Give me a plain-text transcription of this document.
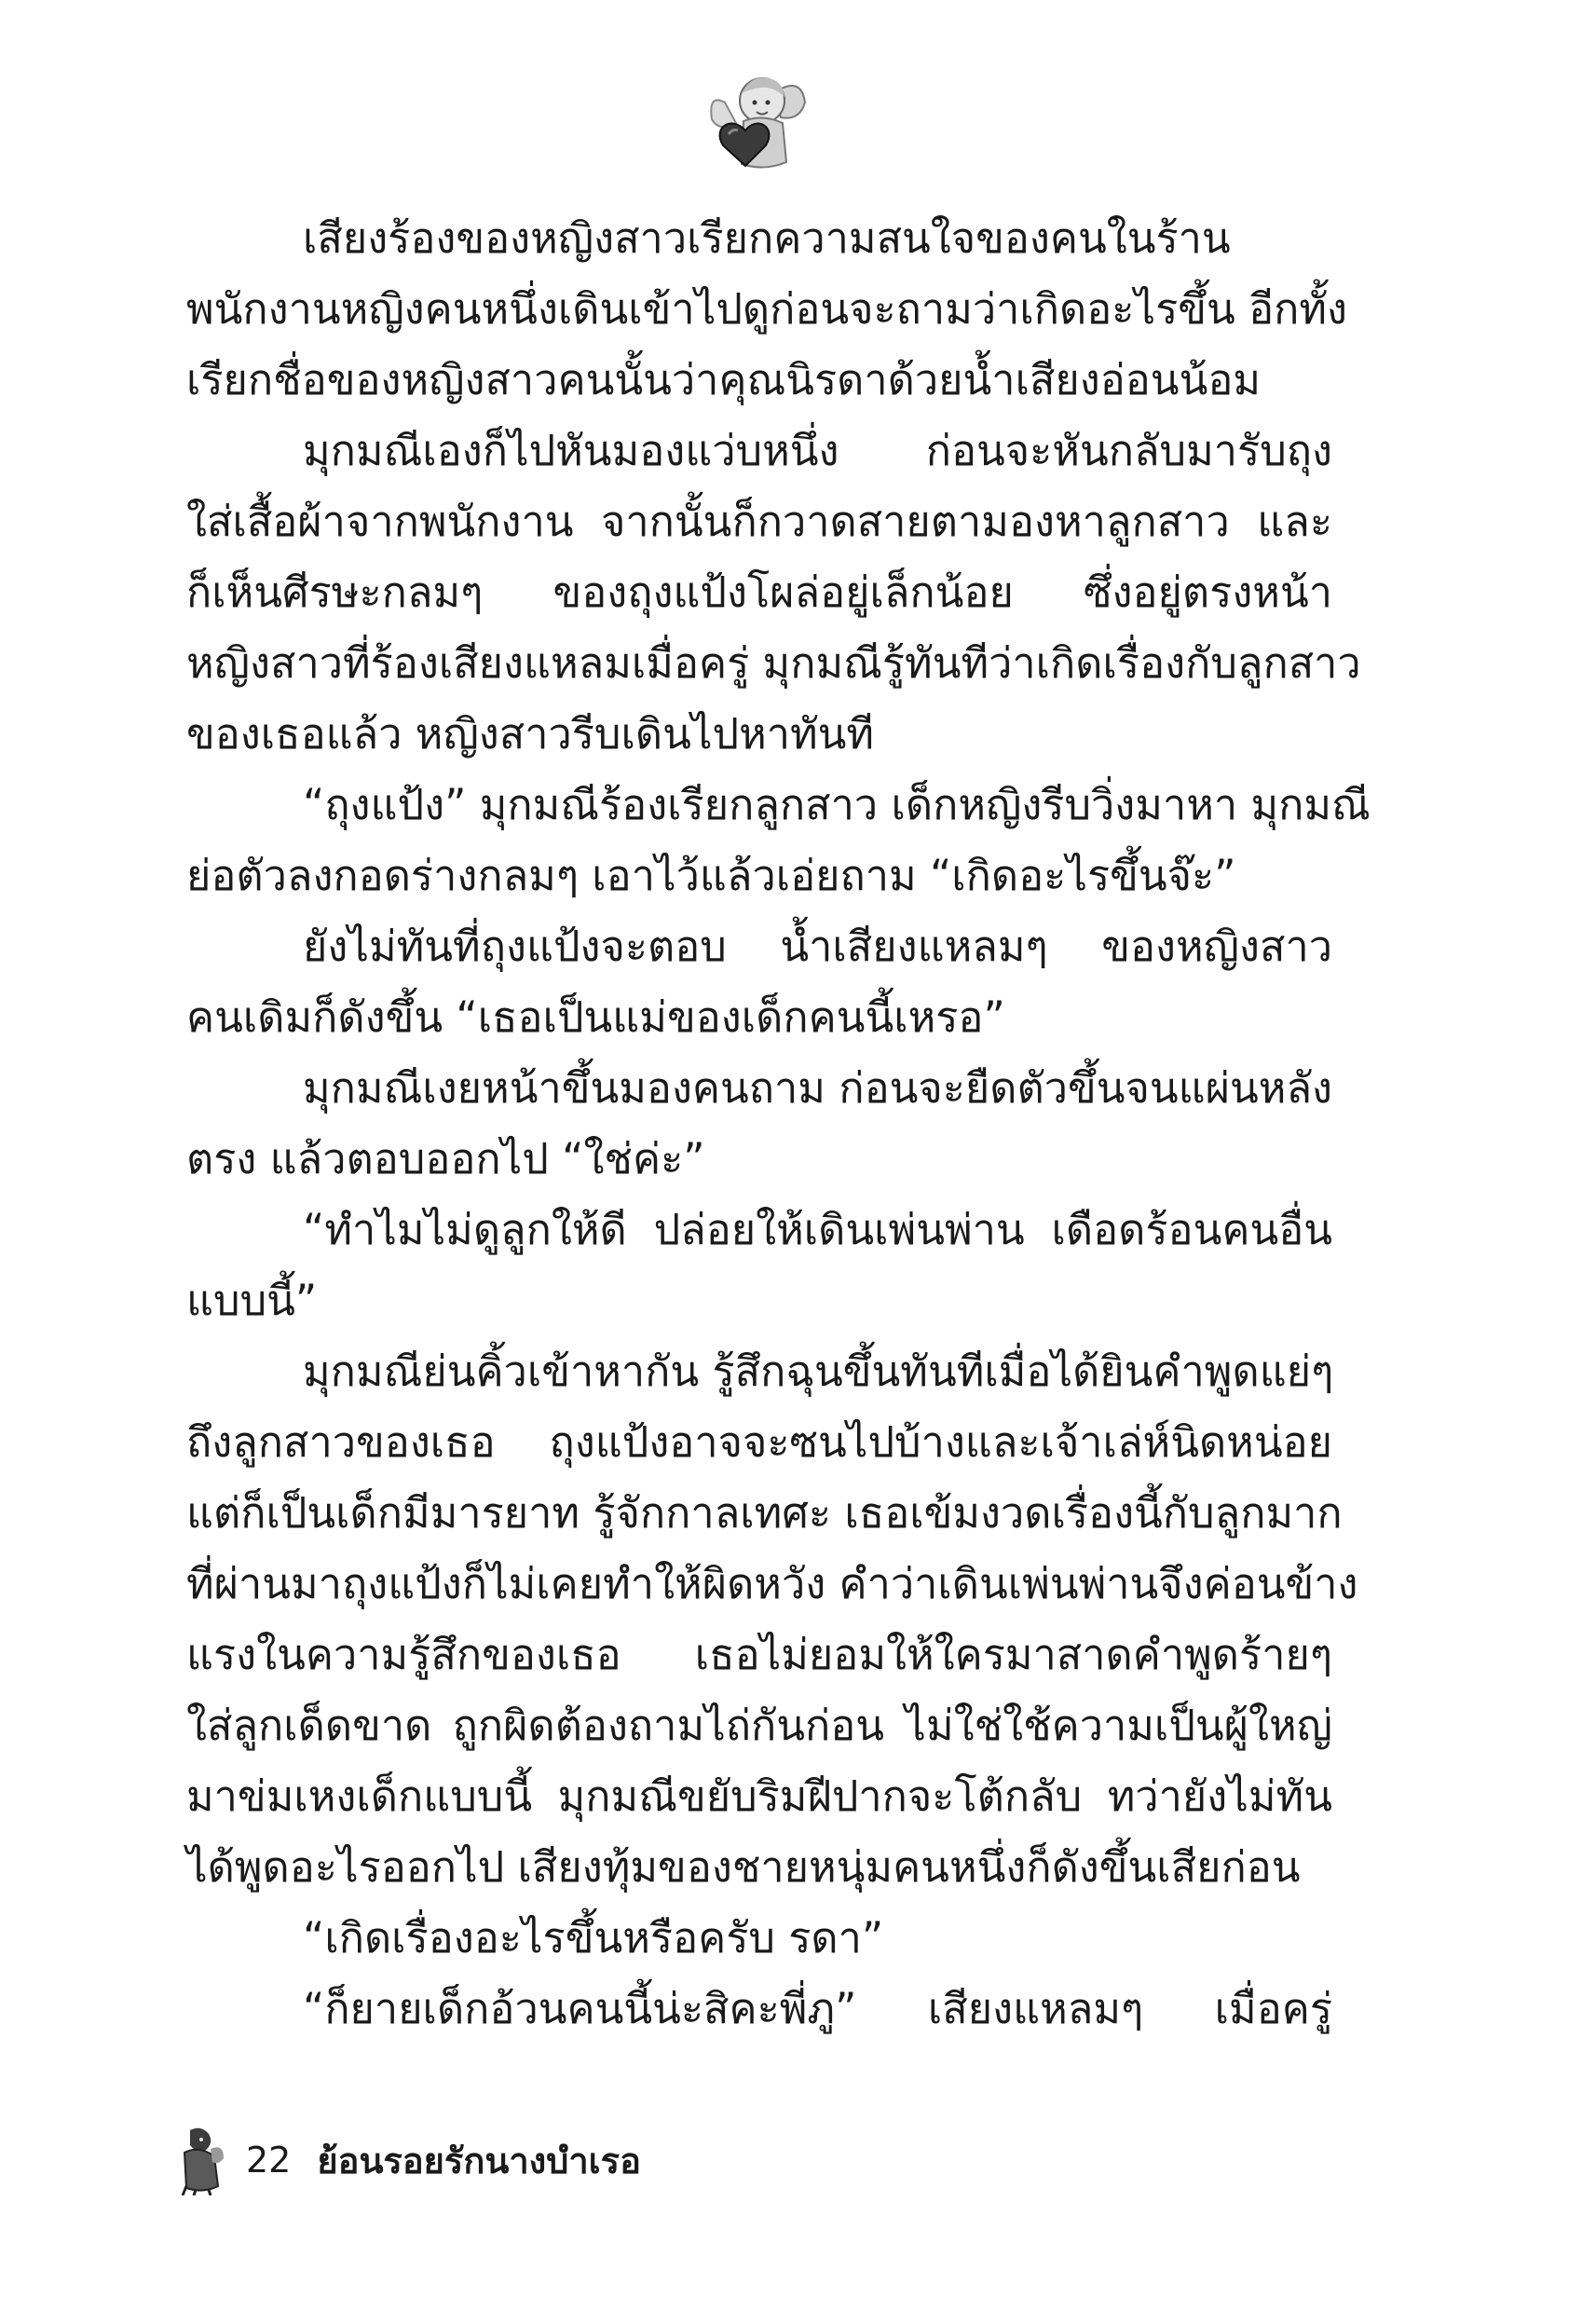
เสียงร้องของหญิงสาวเรียกความสนใจของคนในร้าน
พนักงานหญิงคนหนึ่งเดินเข้าไปดูก่อนจะถามว่าเกิดอะไรขึ้น อีกทั้ง
เรียกชื่อของหญิงสาวคนนั้นว่าคุณนิรดาด้วยน้ำเสียงอ่อนน้อม
มุกมณีเองก็ไปหันมองแว่บหนึ่ง ก่อนจะหันกลับมารับถุง
ใส่เสื้อผ้าจากพนักงาน จากนั้นก็กวาดสายตามองหาลูกสาว และ
ก็เห็นศีรษะกลมๆ ของถุงแป้งโผล่อยู่เล็กน้อย ซึ่งอยู่ตรงหน้า
หญิงสาวที่ร้องเสียงแหลมเมื่อครู่ มุกมณีรู้ทันทีว่าเกิดเรื่องกับลูกสาว
ของเธอแล้ว หญิงสาวรีบเดินไปหาทันที
“ถุงแป้ง” มุกมณีร้องเรียกลูกสาว เด็กหญิงรีบวิ่งมาหา มุกมณี
ย่อตัวลงกอดร่างกลมๆ เอาไว้แล้วเอ่ยถาม “เกิดอะไรขึ้นจ๊ะ”
ยังไม่ทันที่ถุงแป้งจะตอบ น้ำเสียงแหลมๆ ของหญิงสาว
คนเดิมก็ดังขึ้น “เธอเป็นแม่ของเด็กคนนี้เหรอ”
มุกมณีเงยหน้าขึ้นมองคนถาม ก่อนจะยืดตัวขึ้นจนแผ่นหลัง
ตรง แล้วตอบออกไป “ใช่ค่ะ”
“ทำไมไม่ดูลูกให้ดี ปล่อยให้เดินเพ่นพ่าน เดือดร้อนคนอื่น
แบบนี้”
มุกมณีย่นคิ้วเข้าหากัน รู้สึกฉุนขึ้นทันทีเมื่อได้ยินคำพูดแย่ๆ
ถึงลูกสาวของเธอ ถุงแป้งอาจจะซนไปบ้างและเจ้าเล่ห์นิดหน่อย
แต่ก็เป็นเด็กมีมารยาท รู้จักกาลเทศะ เธอเข้มงวดเรื่องนี้กับลูกมาก
ที่ผ่านมาถุงแป้งก็ไม่เคยทำให้ผิดหวัง คำว่าเดินเพ่นพ่านจึงค่อนข้าง
แรงในความรู้สึกของเธอ เธอไม่ยอมให้ใครมาสาดคำพูดร้ายๆ
ใส่ลูกเด็ดขาด ถูกผิดต้องถามไถ่กันก่อน ไม่ใช่ใช้ความเป็นผู้ใหญ่
มาข่มเหงเด็กแบบนี้ มุกมณีขยับริมฝีปากจะโต้กลับ ทว่ายังไม่ทัน
ได้พูดอะไรออกไป เสียงทุ้มของชายหนุ่มคนหนึ่งก็ดังขึ้นเสียก่อน
“เกิดเรื่องอะไรขึ้นหรือครับ รดา”
“ก็ยายเด็กอ้วนคนนี้น่ะสิคะพี่ภู” เสียงแหลมๆ เมื่อครู่
22 ย้อนรอยรักนางบำเรอ
